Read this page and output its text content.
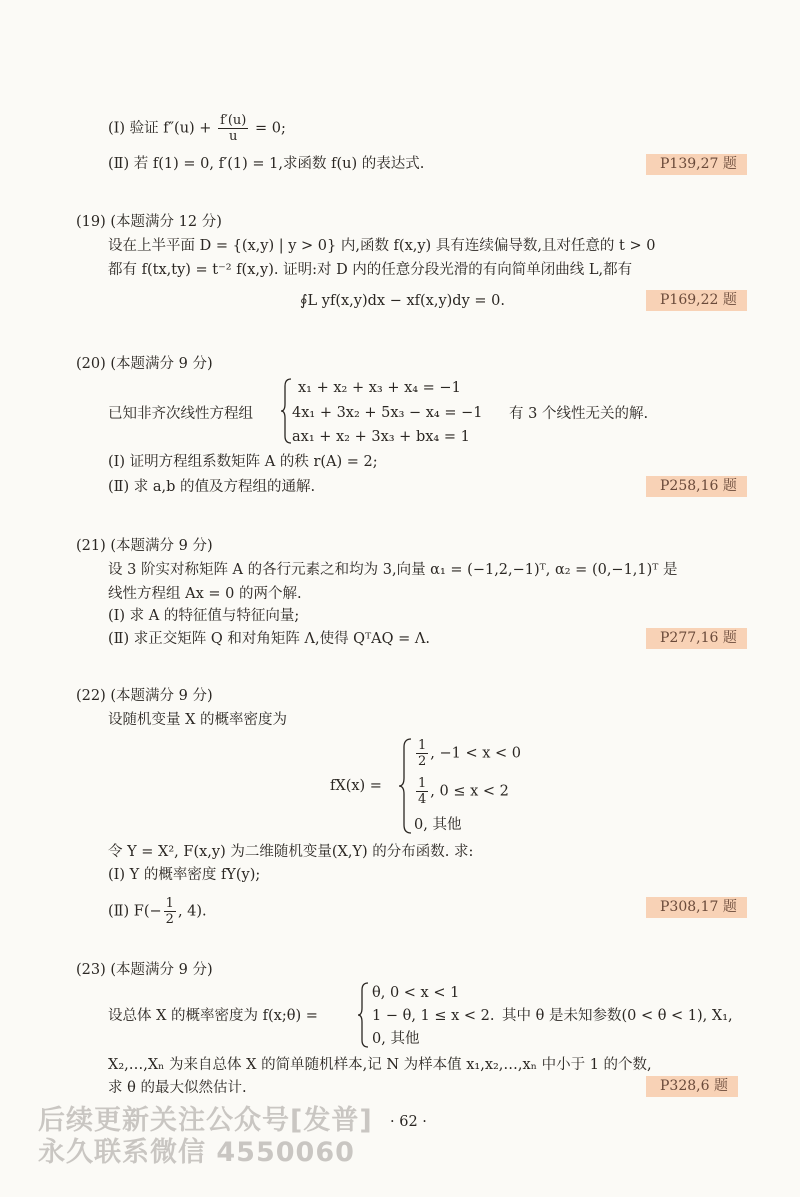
(Ⅰ) 验证 $f''(u) + \frac{f'(u)}{u} = 0$;
(Ⅱ) 若 f(1) = 0, f′(1) = 1,求函数 f(u) 的表达式.	P139,27 题
(19) (本题满分 12 分)
设在上半平面 D = {(x,y) | y > 0} 内,函数 f(x,y) 具有连续偏导数,且对任意的 t > 0
都有 f(tx,ty) = t⁻² f(x,y). 证明:对 D 内的任意分段光滑的有向简单闭曲线 L,都有
∮L yf(x,y)dx − xf(x,y)dy = 0.	P169,22 题
(20) (本题满分 9 分)
已知非齐次线性方程组
x₁ + x₂ + x₃ + x₄ = −1
4x₁ + 3x₂ + 5x₃ − x₄ = −1
ax₁ + x₂ + 3x₃ + bx₄ = 1
有 3 个线性无关的解.
(Ⅰ) 证明方程组系数矩阵 A 的秩 r(A) = 2;
(Ⅱ) 求 a,b 的值及方程组的通解.	P258,16 题
(21) (本题满分 9 分)
设 3 阶实对称矩阵 A 的各行元素之和均为 3,向量 α₁ = (−1,2,−1)ᵀ, α₂ = (0,−1,1)ᵀ 是
线性方程组 Ax = 0 的两个解.
(Ⅰ) 求 A 的特征值与特征向量;
(Ⅱ) 求正交矩阵 Q 和对角矩阵 Λ,使得 QᵀAQ = Λ.	P277,16 题
(22) (本题满分 9 分)
设随机变量 X 的概率密度为
fX(x) =
$\frac{1}{2}$ , −1 < x < 0
$\frac{1}{4}$ , 0 ≤ x < 2
0, 其他
令 Y = X², F(x,y) 为二维随机变量(X,Y) 的分布函数. 求:
(Ⅰ) Y 的概率密度 fY(y);
(Ⅱ) $F(- \frac{1}{2}$ , 4).	P308,17 题
(23) (本题满分 9 分)
设总体 X 的概率密度为 f(x;θ) =
θ, 0 < x < 1
1 − θ, 1 ≤ x < 2.
0, 其他
其中 θ 是未知参数(0 < θ < 1), X₁,
X₂,…,Xₙ 为来自总体 X 的简单随机样本,记 N 为样本值 x₁,x₂,…,xₙ 中小于 1 的个数,
求 θ 的最大似然估计.	P328,6 题
· 62 ·
后续更新关注公众号[发普]
永久联系微信 4550060
